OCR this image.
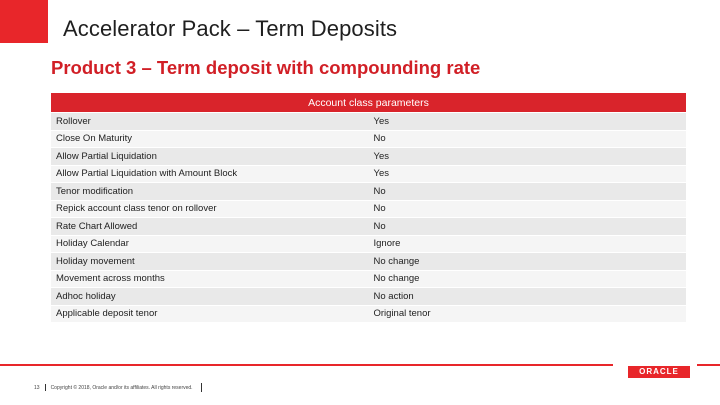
Accelerator Pack – Term Deposits
Product 3 – Term deposit with compounding rate
Account class parameters	
Rollover	Yes
Close On Maturity	No
Allow Partial Liquidation	Yes
Allow Partial Liquidation with Amount Block	Yes
Tenor modification	No
Repick account class tenor on rollover	No
Rate Chart Allowed	No
Holiday Calendar	Ignore
Holiday movement	No change
Movement across months	No change
Adhoc holiday	No action
Applicable deposit tenor	Original tenor
ORACLE
13 Copyright © 2018, Oracle and/or its affiliates. All rights reserved.
